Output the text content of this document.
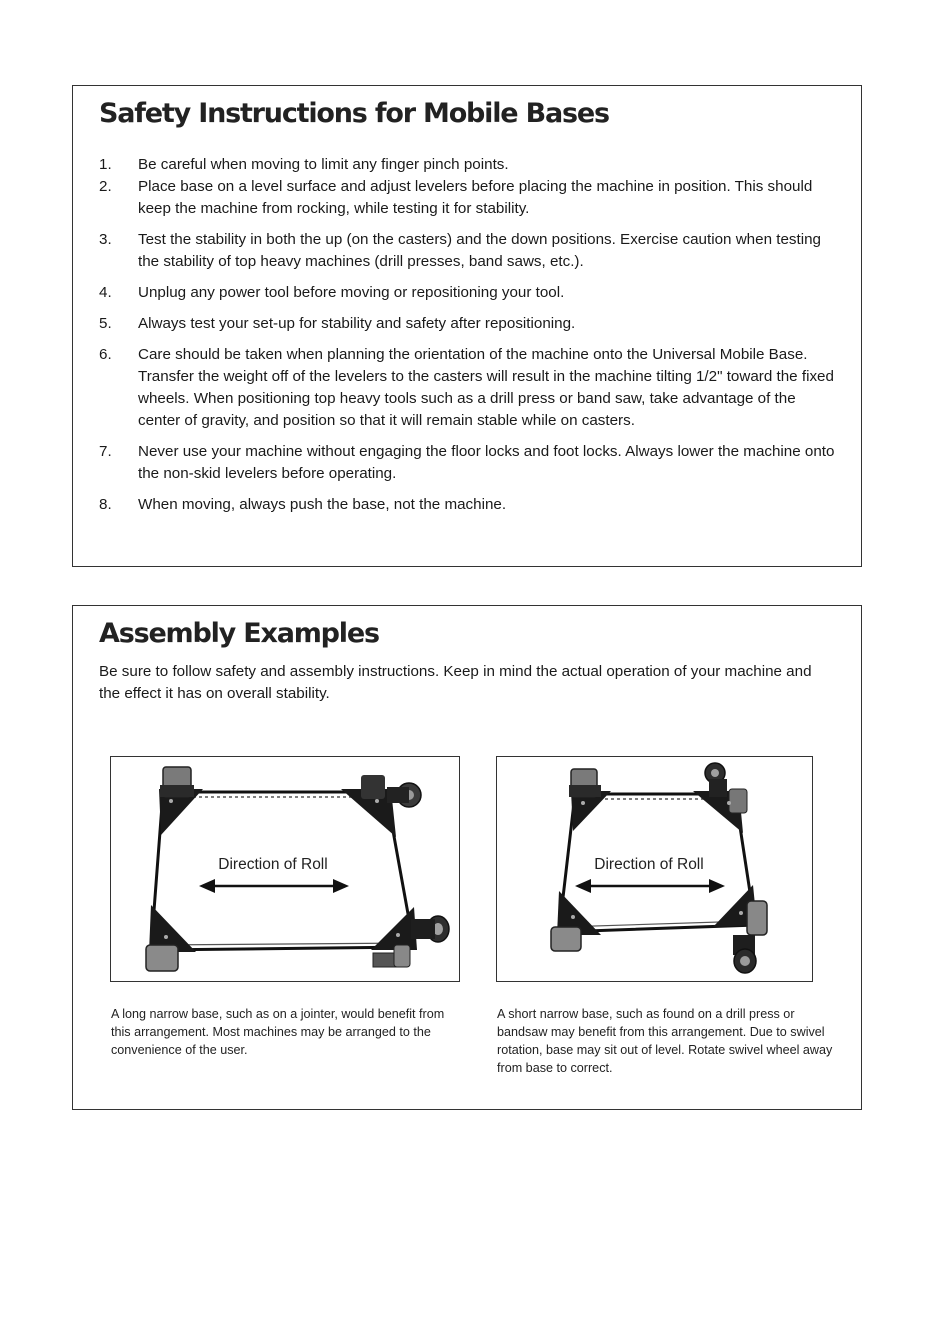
Safety Instructions for Mobile Bases
1. Be careful when moving to limit any finger pinch points.
2. Place base on a level surface and adjust levelers before placing the machine in position. This should keep the machine from rocking, while testing it for stability.
3. Test the stability in both the up (on the casters) and the down positions. Exercise caution when testing the stability of top heavy machines (drill presses, band saws, etc.).
4. Unplug any power tool before moving or repositioning your tool.
5. Always test your set-up for stability and safety after repositioning.
6. Care should be taken when planning the orientation of the machine onto the Universal Mobile Base. Transfer the weight off of the levelers to the casters will result in the machine tilting 1/2" toward the fixed wheels. When positioning top heavy tools such as a drill press or band saw, take advantage of the center of gravity, and position so that it will remain stable while on casters.
7. Never use your machine without engaging the floor locks and foot locks. Always lower the machine onto the non-skid levelers before operating.
8. When moving, always push the base, not the machine.
Assembly Examples

Be sure to follow safety and assembly instructions. Keep in mind the actual operation of your machine and the effect it has on overall stability.

Direction of Roll	Direction of Roll

A long narrow base, such as on a jointer, would benefit from this arrangement. Most machines may be arranged to the convenience of the user.

A short narrow base, such as found on a drill press or bandsaw may benefit from this arrangement. Due to swivel rotation, base may sit out of level. Rotate swivel wheel away from base to correct.
